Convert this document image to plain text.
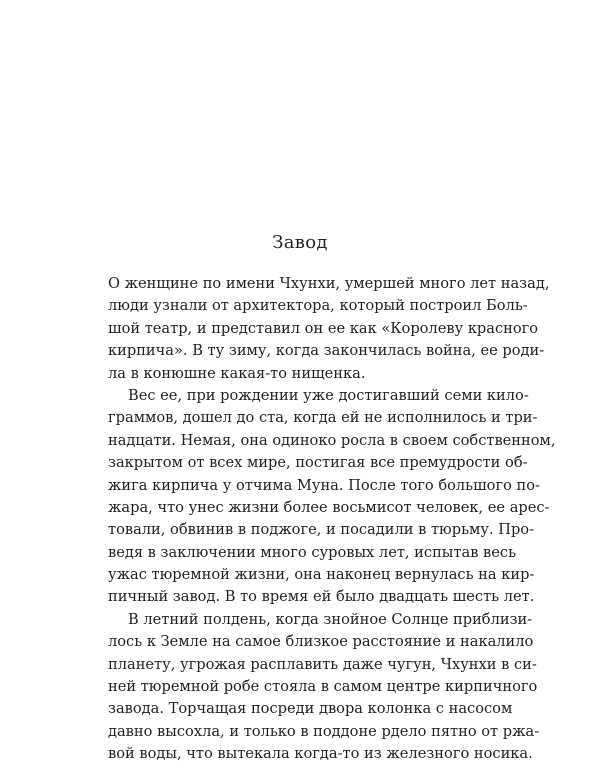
Завод
О женщине по имени Чхунхи, умершей много лет назад,
люди узнали от архитектора, который построил Боль-
шой театр, и представил он ее как «Королеву красного
кирпича». В ту зиму, когда закончилась война, ее роди-
ла в конюшне какая-то нищенка.
Вес ее, при рождении уже достигавший семи кило-
граммов, дошел до ста, когда ей не исполнилось и три-
надцати. Немая, она одиноко росла в своем собственном,
закрытом от всех мире, постигая все премудрости об-
жига кирпича у отчима Муна. После того большого по-
жара, что унес жизни более восьмисот человек, ее арес-
товали, обвинив в поджоге, и посадили в тюрьму. Про-
ведя в заключении много суровых лет, испытав весь
ужас тюремной жизни, она наконец вернулась на кир-
пичный завод. В то время ей было двадцать шесть лет.
В летний полдень, когда знойное Солнце приблизи-
лось к Земле на самое близкое расстояние и накалило
планету, угрожая расплавить даже чугун, Чхунхи в си-
ней тюремной робе стояла в самом центре кирпичного
завода. Торчащая посреди двора колонка с насосом
давно высохла, и только в поддоне рдело пятно от ржа-
вой воды, что вытекала когда-то из железного носика.
